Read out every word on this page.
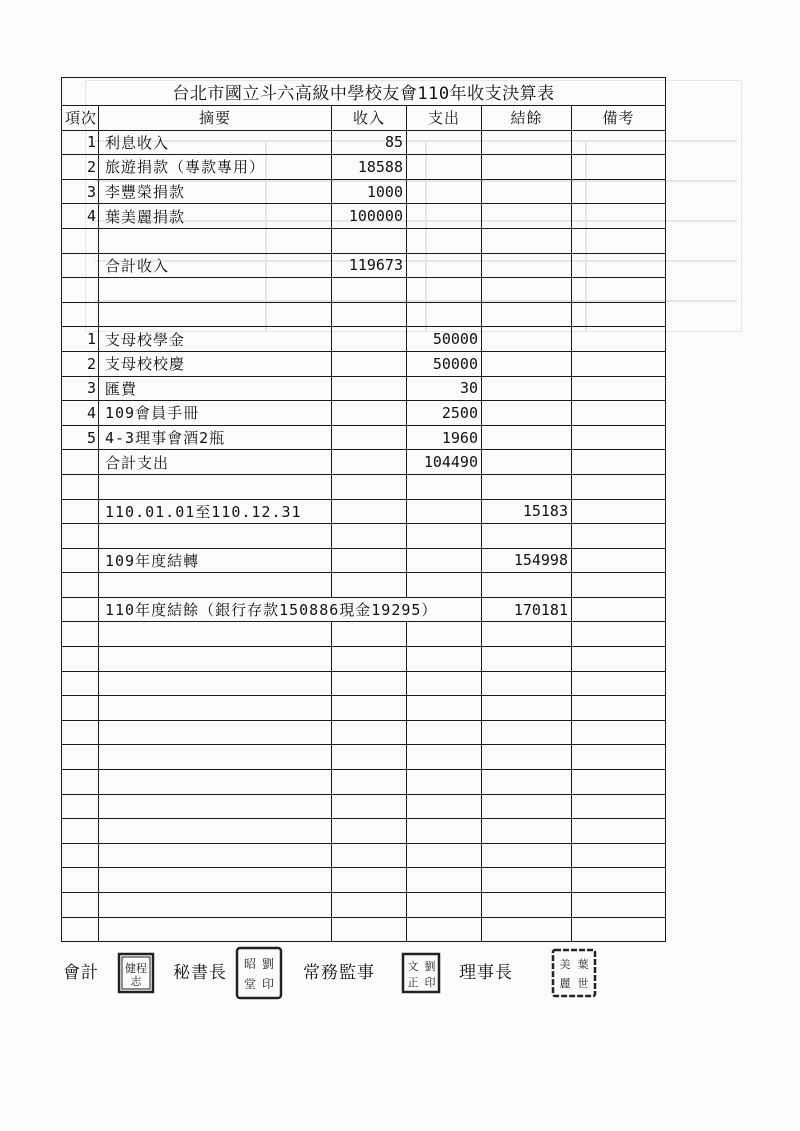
台北市國立斗六高級中學校友會110年收支決算表					
項次	摘要	收入	支出	結餘	備考
1	利息收入	85			
2	旅遊捐款（專款專用）	18588			
3	李豐榮捐款	1000			
4	葉美麗捐款	100000			

	合計收入	119673			

1	支母校學金		50000		
2	支母校校慶		50000		
3	匯費		30		
4	109會員手冊		2500		
5	4-3理事會酒2瓶		1960		
	合計支出		104490		

	110.01.01至110.12.31			15183	

	109年度結轉			154998	

	110年度結餘（銀行存款150886現金19295）			170181	

會計 健程
志 秘書長 昭 劉
堂 印
常務監事	文 劉
正 印 理事長	美 葉
麗 世
